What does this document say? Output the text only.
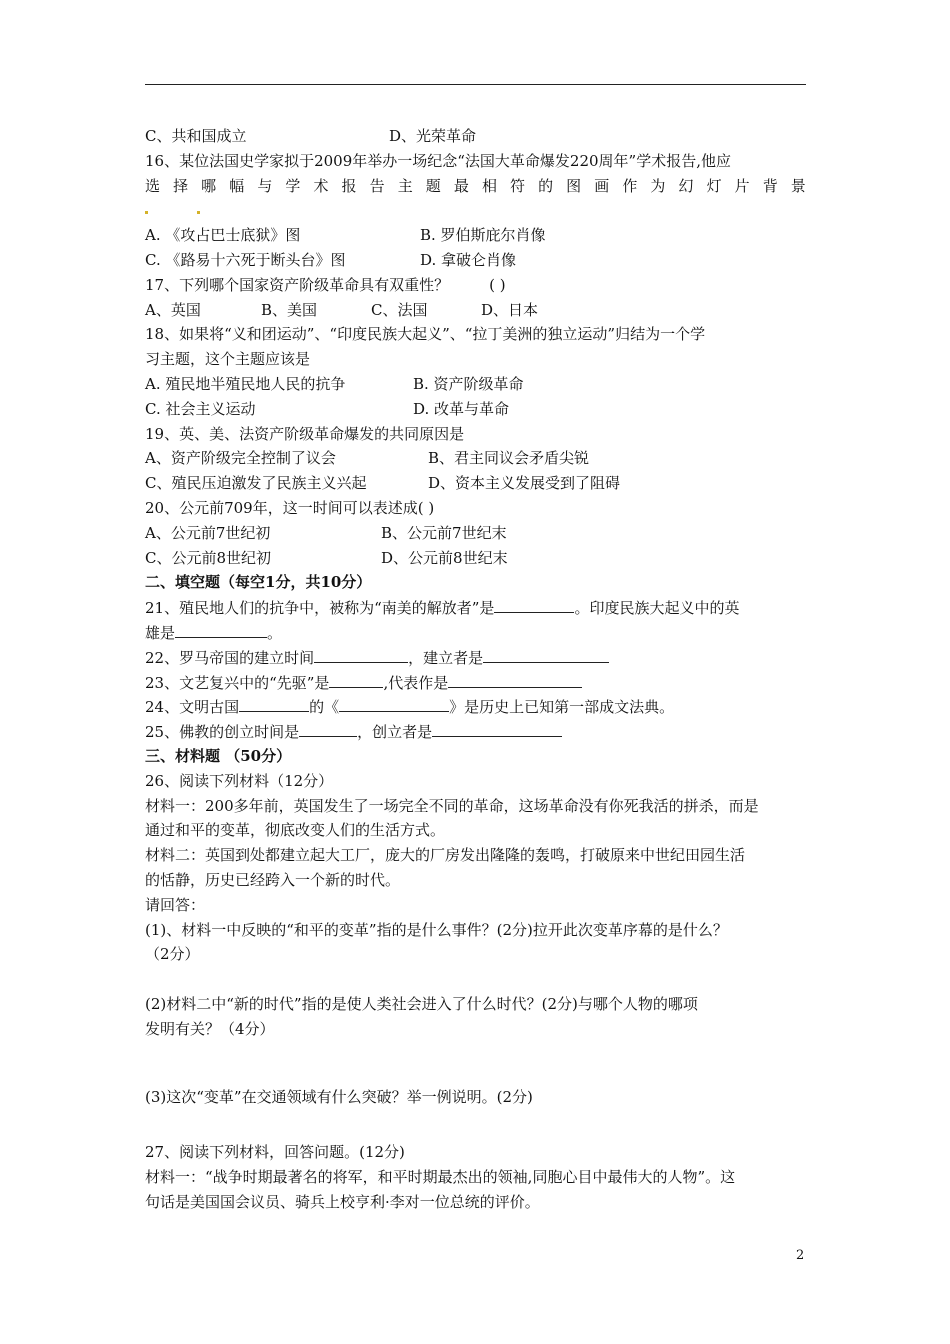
C、共和国成立	D、光荣革命
16、某位法国史学家拟于2009年举办一场纪念“法国大革命爆发220周年”学术报告,他应
选 择 哪 幅 与 学 术 报 告 主 题 最 相 符 的 图 画 作 为 幻 灯 片 背 景
A. 《攻占巴士底狱》图	B. 罗伯斯庇尔肖像
C. 《路易十六死于断头台》图	D. 拿破仑肖像
17、下列哪个国家资产阶级革命具有双重性？	( )
A、英国	B、美国	C、法国	D、日本
18、如果将“义和团运动”、“印度民族大起义”、“拉丁美洲的独立运动”归结为一个学
习主题，这个主题应该是
A. 殖民地半殖民地人民的抗争	B. 资产阶级革命
C. 社会主义运动	D. 改革与革命
19、英、美、法资产阶级革命爆发的共同原因是
A、资产阶级完全控制了议会	B、君主同议会矛盾尖锐
C、殖民压迫激发了民族主义兴起	D、资本主义发展受到了阻碍
20、公元前709年，这一时间可以表述成( )
A、公元前7世纪初	B、公元前7世纪末
C、公元前8世纪初	D、公元前8世纪末
二、填空题（每空1分，共10分）
21、殖民地人们的抗争中，被称为“南美的解放者”是	。印度民族大起义中的英
雄是	。
22、罗马帝国的建立时间	，建立者是
23、文艺复兴中的“先驱”是	,代表作是
24、文明古国	的《	》是历史上已知第一部成文法典。
25、佛教的创立时间是	，创立者是
三、材料题 （50分）
26、阅读下列材料（12分）
材料一：200多年前，英国发生了一场完全不同的革命，这场革命没有你死我活的拼杀，而是
通过和平的变革，彻底改变人们的生活方式。
材料二：英国到处都建立起大工厂，庞大的厂房发出隆隆的轰鸣，打破原来中世纪田园生活
的恬静，历史已经跨入一个新的时代。
请回答：
(1)、材料一中反映的“和平的变革”指的是什么事件？(2分)拉开此次变革序幕的是什么？
（2分）
(2)材料二中“新的时代”指的是使人类社会进入了什么时代？(2分)与哪个人物的哪项
发明有关？（4分）
(3)这次“变革”在交通领域有什么突破？举一例说明。(2分)
27、阅读下列材料，回答问题。(12分)
材料一：“战争时期最著名的将军，和平时期最杰出的领袖,同胞心目中最伟大的人物”。这
句话是美国国会议员、骑兵上校亨利·李对一位总统的评价。
2
